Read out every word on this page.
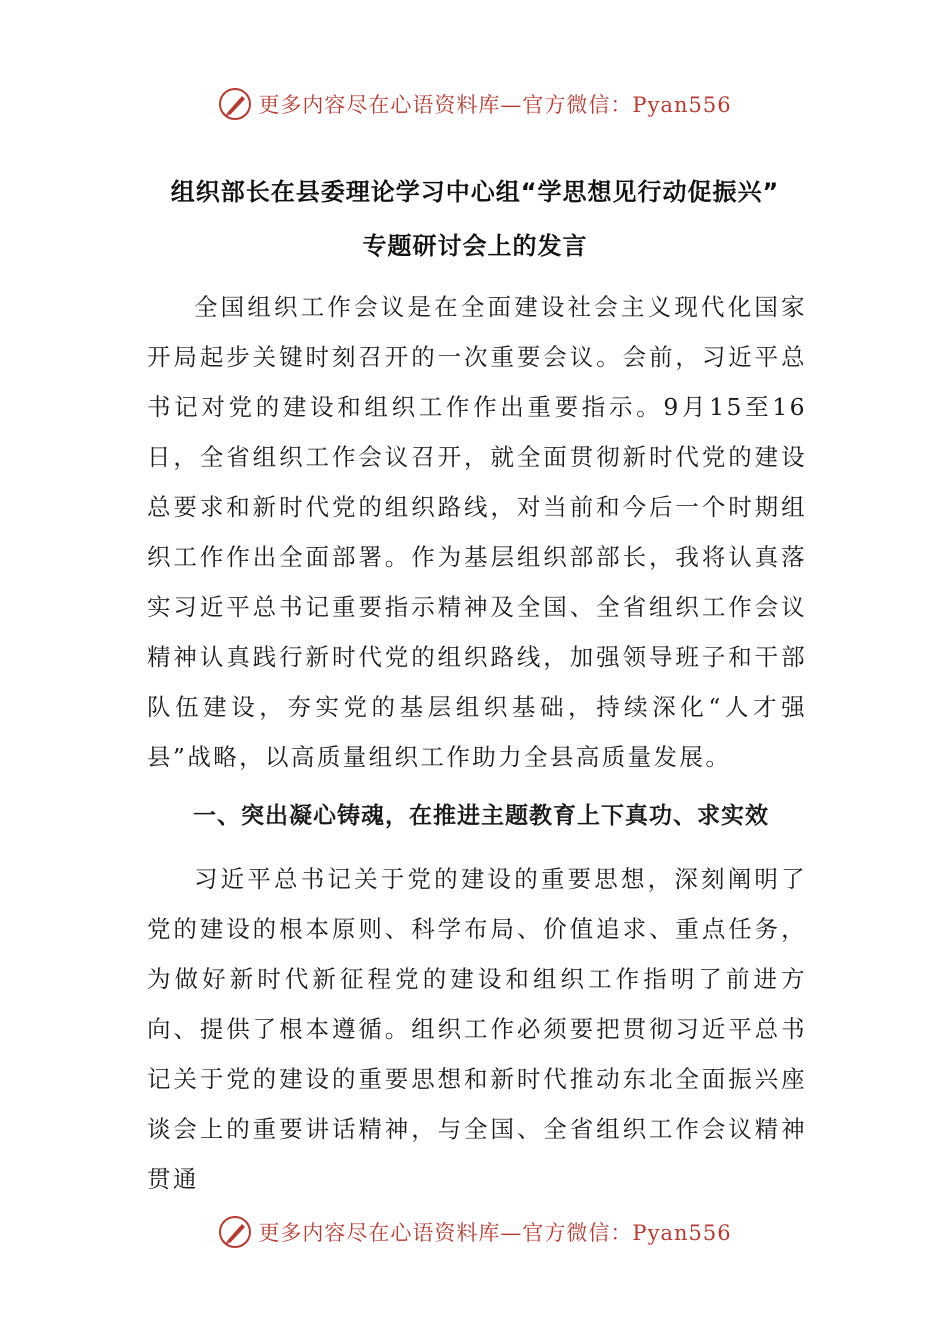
更多内容尽在心语资料库—官方微信：Pyan556
组织部长在县委理论学习中心组“学思想见行动促振兴”
专题研讨会上的发言

全国组织工作会议是在全面建设社会主义现代化国家开局起步关键时刻召开的一次重要会议。会前，习近平总书记对党的建设和组织工作作出重要指示。9月15至16日，全省组织工作会议召开，就全面贯彻新时代党的建设总要求和新时代党的组织路线，对当前和今后一个时期组织工作作出全面部署。作为基层组织部部长，我将认真落实习近平总书记重要指示精神及全国、全省组织工作会议精神认真践行新时代党的组织路线，加强领导班子和干部队伍建设，夯实党的基层组织基础，持续深化“人才强县”战略，以高质量组织工作助力全县高质量发展。

一、突出凝心铸魂，在推进主题教育上下真功、求实效

习近平总书记关于党的建设的重要思想，深刻阐明了党的建设的根本原则、科学布局、价值追求、重点任务，为做好新时代新征程党的建设和组织工作指明了前进方向、提供了根本遵循。组织工作必须要把贯彻习近平总书记关于党的建设的重要思想和新时代推动东北全面振兴座谈会上的重要讲话精神，与全国、全省组织工作会议精神贯通

更多内容尽在心语资料库—官方微信：Pyan556
